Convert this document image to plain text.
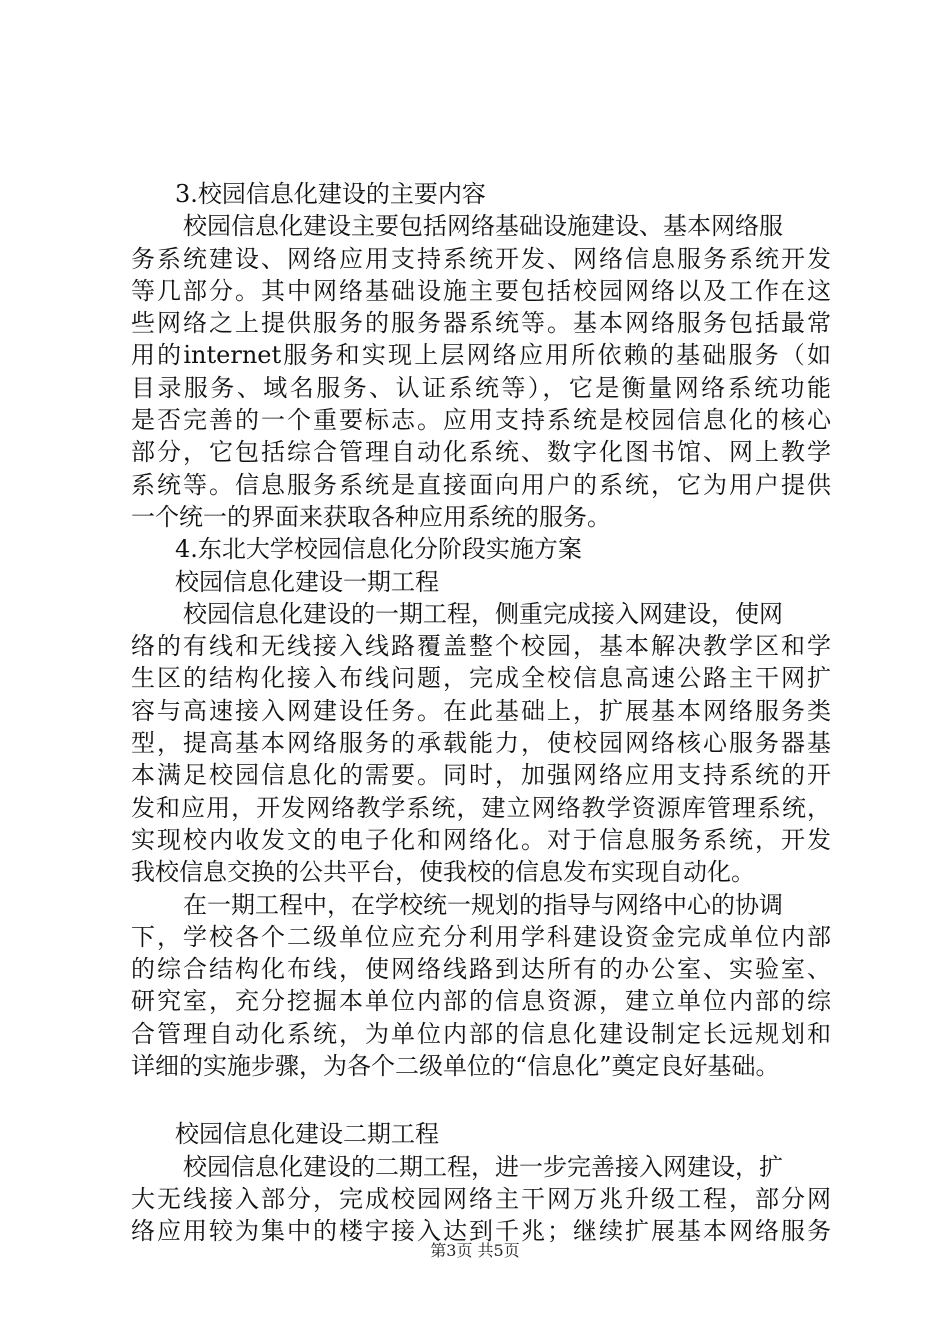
3.校园信息化建设的主要内容
校园信息化建设主要包括网络基础设施建设、基本网络服
务系统建设、网络应用支持系统开发、网络信息服务系统开发
等几部分。其中网络基础设施主要包括校园网络以及工作在这
些网络之上提供服务的服务器系统等。基本网络服务包括最常
用的internet服务和实现上层网络应用所依赖的基础服务（如
目录服务、域名服务、认证系统等），它是衡量网络系统功能
是否完善的一个重要标志。应用支持系统是校园信息化的核心
部分，它包括综合管理自动化系统、数字化图书馆、网上教学
系统等。信息服务系统是直接面向用户的系统，它为用户提供
一个统一的界面来获取各种应用系统的服务。
4.东北大学校园信息化分阶段实施方案
校园信息化建设一期工程
校园信息化建设的一期工程，侧重完成接入网建设，使网
络的有线和无线接入线路覆盖整个校园，基本解决教学区和学
生区的结构化接入布线问题，完成全校信息高速公路主干网扩
容与高速接入网建设任务。在此基础上，扩展基本网络服务类
型，提高基本网络服务的承载能力，使校园网络核心服务器基
本满足校园信息化的需要。同时，加强网络应用支持系统的开
发和应用，开发网络教学系统，建立网络教学资源库管理系统，
实现校内收发文的电子化和网络化。对于信息服务系统，开发
我校信息交换的公共平台，使我校的信息发布实现自动化。
在一期工程中，在学校统一规划的指导与网络中心的协调
下，学校各个二级单位应充分利用学科建设资金完成单位内部
的综合结构化布线，使网络线路到达所有的办公室、实验室、
研究室，充分挖掘本单位内部的信息资源，建立单位内部的综
合管理自动化系统，为单位内部的信息化建设制定长远规划和
详细的实施步骤，为各个二级单位的“信息化”奠定良好基础。
校园信息化建设二期工程
校园信息化建设的二期工程，进一步完善接入网建设，扩
大无线接入部分，完成校园网络主干网万兆升级工程，部分网
络应用较为集中的楼宇接入达到千兆；继续扩展基本网络服务
第3页 共5页
